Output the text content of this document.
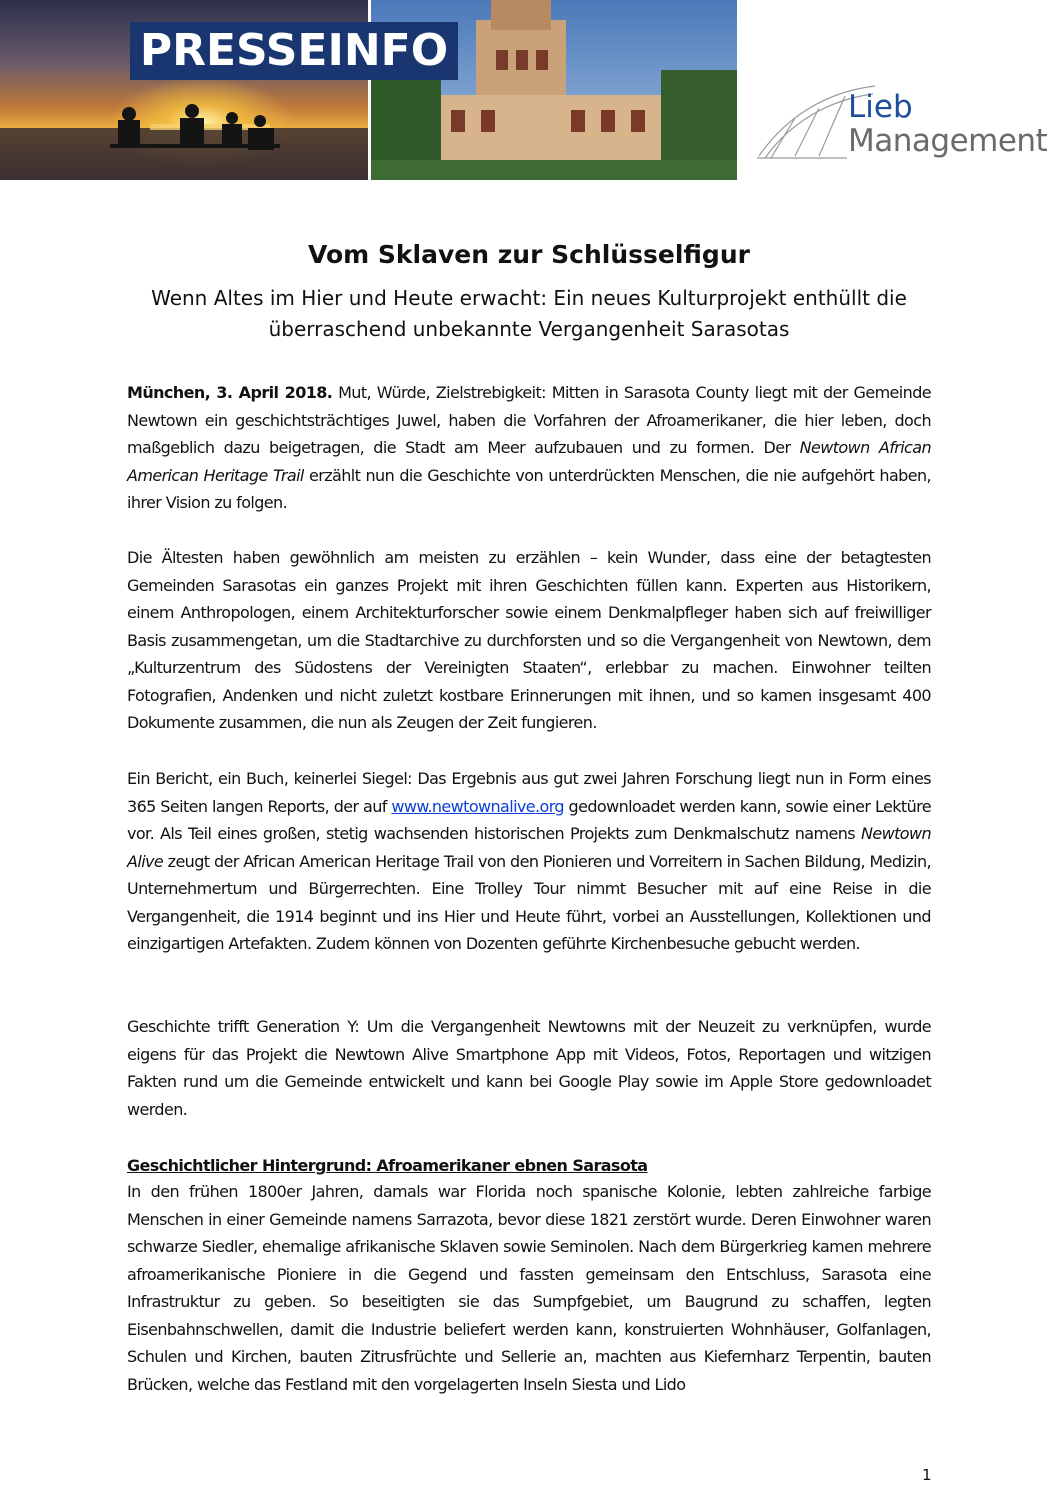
PRESSEINFO
Lieb
Management
Vom Sklaven zur Schlüsselfigur
Wenn Altes im Hier und Heute erwacht: Ein neues Kulturprojekt enthüllt die
überraschend unbekannte Vergangenheit Sarasotas

München, 3. April 2018. Mut, Würde, Zielstrebigkeit: Mitten in Sarasota County liegt mit der Gemeinde Newtown ein geschichtsträchtiges Juwel, haben die Vorfahren der Afroamerikaner, die hier leben, doch maßgeblich dazu beigetragen, die Stadt am Meer aufzubauen und zu formen. Der Newtown African American Heritage Trail erzählt nun die Geschichte von unterdrückten Menschen, die nie aufgehört haben, ihrer Vision zu folgen.

Die Ältesten haben gewöhnlich am meisten zu erzählen – kein Wunder, dass eine der betagtesten Gemeinden Sarasotas ein ganzes Projekt mit ihren Geschichten füllen kann. Experten aus Historikern, einem Anthropologen, einem Architekturforscher sowie einem Denkmalpfleger haben sich auf freiwilliger Basis zusammengetan, um die Stadtarchive zu durchforsten und so die Vergangenheit von Newtown, dem „Kulturzentrum des Südostens der Vereinigten Staaten“, erlebbar zu machen. Einwohner teilten Fotografien, Andenken und nicht zuletzt kostbare Erinnerungen mit ihnen, und so kamen insgesamt 400 Dokumente zusammen, die nun als Zeugen der Zeit fungieren.

Ein Bericht, ein Buch, keinerlei Siegel: Das Ergebnis aus gut zwei Jahren Forschung liegt nun in Form eines 365 Seiten langen Reports, der auf www.newtownalive.org gedownloadet werden kann, sowie einer Lektüre vor. Als Teil eines großen, stetig wachsenden historischen Projekts zum Denkmalschutz namens Newtown Alive zeugt der African American Heritage Trail von den Pionieren und Vorreitern in Sachen Bildung, Medizin, Unternehmertum und Bürgerrechten. Eine Trolley Tour nimmt Besucher mit auf eine Reise in die Vergangenheit, die 1914 beginnt und ins Hier und Heute führt, vorbei an Ausstellungen, Kollektionen und einzigartigen Artefakten. Zudem können von Dozenten geführte Kirchenbesuche gebucht werden.

Geschichte trifft Generation Y: Um die Vergangenheit Newtowns mit der Neuzeit zu verknüpfen, wurde eigens für das Projekt die Newtown Alive Smartphone App mit Videos, Fotos, Reportagen und witzigen Fakten rund um die Gemeinde entwickelt und kann bei Google Play sowie im Apple Store gedownloadet werden.

Geschichtlicher Hintergrund: Afroamerikaner ebnen Sarasota

In den frühen 1800er Jahren, damals war Florida noch spanische Kolonie, lebten zahlreiche farbige Menschen in einer Gemeinde namens Sarrazota, bevor diese 1821 zerstört wurde. Deren Einwohner waren schwarze Siedler, ehemalige afrikanische Sklaven sowie Seminolen. Nach dem Bürgerkrieg kamen mehrere afroamerikanische Pioniere in die Gegend und fassten gemeinsam den Entschluss, Sarasota eine Infrastruktur zu geben. So beseitigten sie das Sumpfgebiet, um Baugrund zu schaffen, legten Eisenbahnschwellen, damit die Industrie beliefert werden kann, konstruierten Wohnhäuser, Golfanlagen, Schulen und Kirchen, bauten Zitrusfrüchte und Sellerie an, machten aus Kiefernharz Terpentin, bauten Brücken, welche das Festland mit den vorgelagerten Inseln Siesta und Lido

1
